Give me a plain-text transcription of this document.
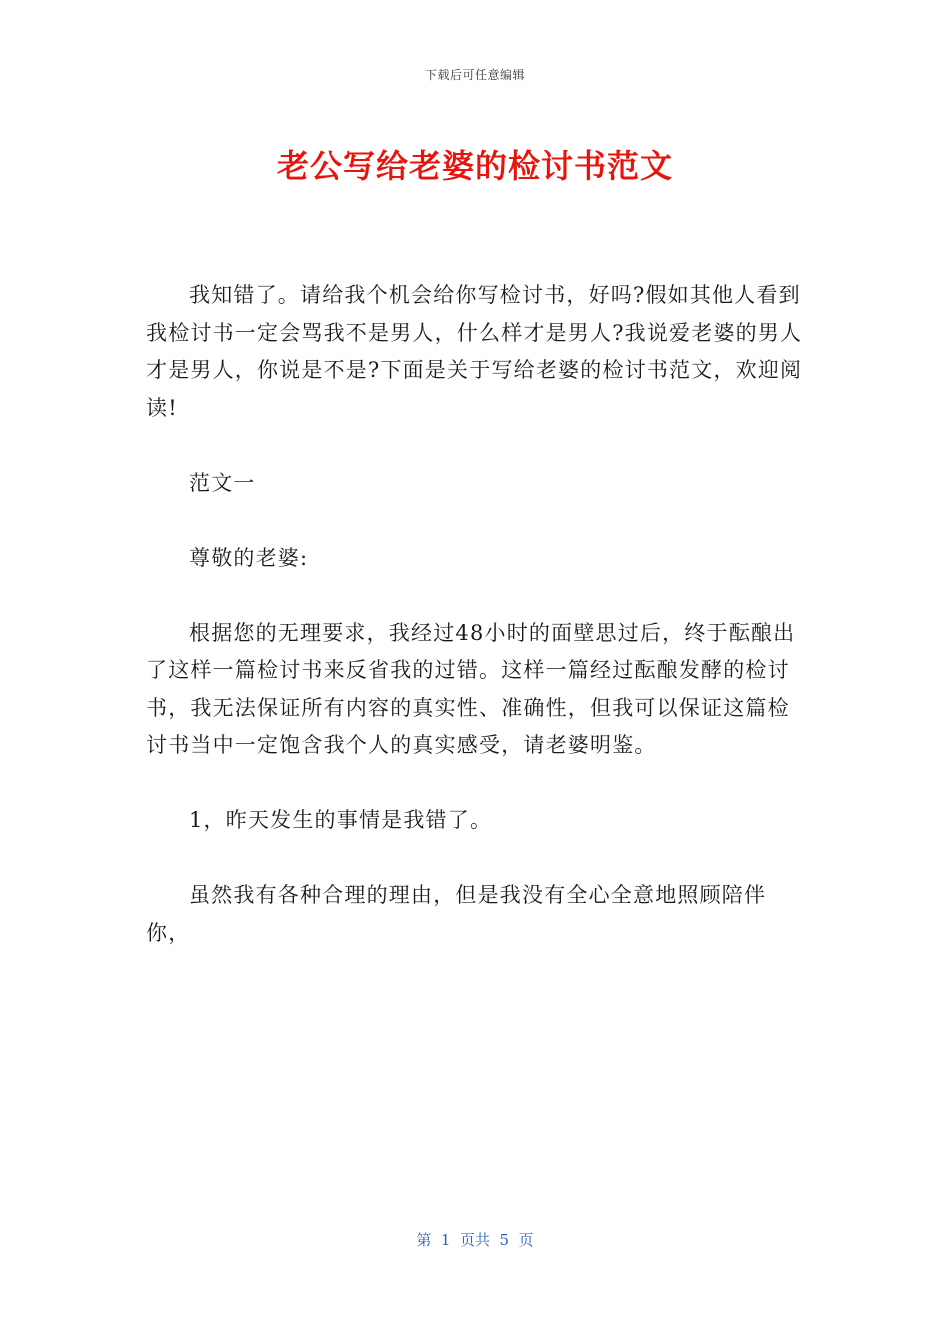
下载后可任意编辑
老公写给老婆的检讨书范文

我知错了。请给我个机会给你写检讨书，好吗?假如其他人看到我检讨书一定会骂我不是男人，什么样才是男人?我说爱老婆的男人才是男人，你说是不是?下面是关于写给老婆的检讨书范文，欢迎阅读!

范文一

尊敬的老婆:

根据您的无理要求，我经过48小时的面壁思过后，终于酝酿出了这样一篇检讨书来反省我的过错。这样一篇经过酝酿发酵的检讨书，我无法保证所有内容的真实性、准确性，但我可以保证这篇检讨书当中一定饱含我个人的真实感受，请老婆明鉴。

1，昨天发生的事情是我错了。

虽然我有各种合理的理由，但是我没有全心全意地照顾陪伴你，

第  1  页共  5  页
